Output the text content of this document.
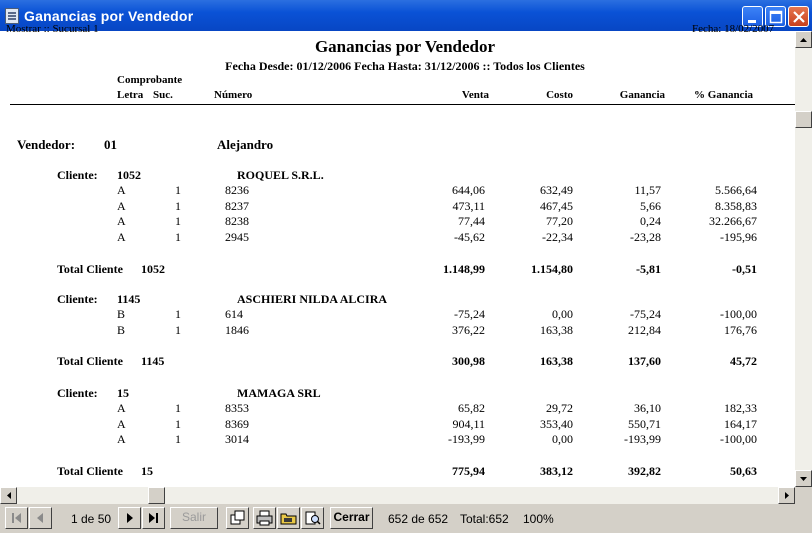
Ganancias por Vendedor
Mostrar :: Sucursal 1	Fecha: 18/02/2007
Ganancias por Vendedor
Fecha Desde: 01/12/2006 Fecha Hasta: 31/12/2006 :: Todos los Clientes
Comprobante
Letra Suc.	Número	Venta	Costo	Ganancia	% Ganancia
Vendedor: 01	Alejandro
Cliente: 1052	ROQUEL S.R.L.
A	1	8236	644,06	632,49	11,57	5.566,64
A	1	8237	473,11	467,45	5,66	8.358,83
A	1	8238	77,44	77,20	0,24	32.266,67
A	1	2945	-45,62	-22,34	-23,28	-195,96
Total Cliente 1052	1.148,99	1.154,80	-5,81	-0,51
Cliente: 1145	ASCHIERI NILDA ALCIRA
B	1	614	-75,24	0,00	-75,24	-100,00
B	1	1846	376,22	163,38	212,84	176,76
Total Cliente 1145	300,98	163,38	137,60	45,72
Cliente: 15	MAMAGA SRL
A	1	8353	65,82	29,72	36,10	182,33
A	1	8369	904,11	353,40	550,71	164,17
A	1	3014	-193,99	0,00	-193,99	-100,00
Total Cliente 15	775,94	383,12	392,82	50,63
1 de 50	Salir	Cerrar 652 de 652 Total:652 100%
